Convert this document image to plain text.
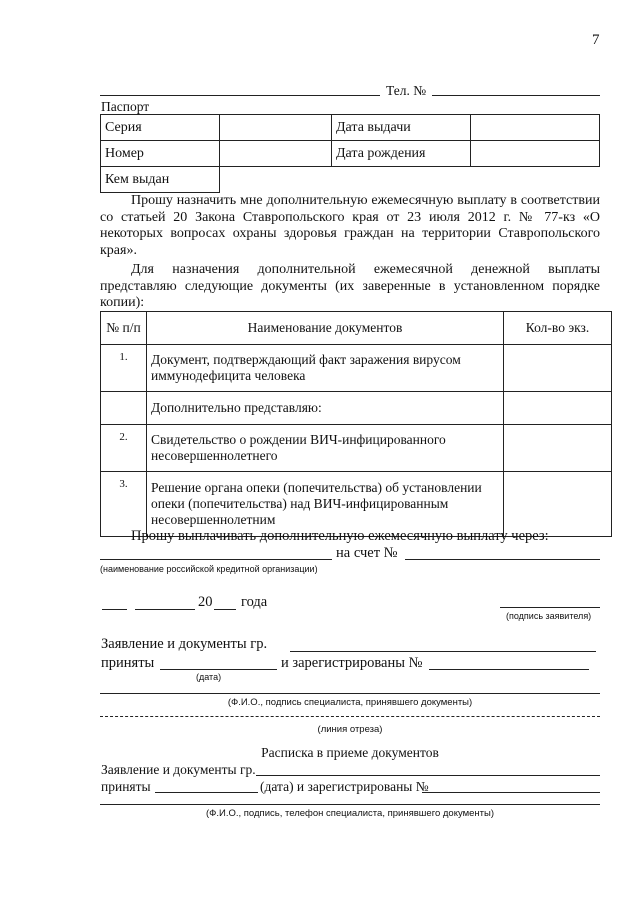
7
Тел. №
Паспорт
Серия		Дата выдачи	
Номер		Дата рождения	
Кем выдан			
Прошу назначить мне дополнительную ежемесячную выплату в соответствии со статьей 20 Закона Ставропольского края от 23 июля 2012 г. № 77-кз «О некоторых вопросах охраны здоровья граждан на территории Ставропольского края».
Для назначения дополнительной ежемесячной денежной выплаты представляю следующие документы (их заверенные в установленном порядке копии):
№ п/п	Наименование документов	Кол-во экз.
1.	Документ, подтверждающий факт заражения вирусом иммунодефицита человека	
	Дополнительно представляю:	
2.	Свидетельство о рождении ВИЧ-инфицированного несовершеннолетнего	
3.	Решение органа опеки (попечительства) об установлении опеки (попечительства) над ВИЧ-инфицированным несовершеннолетним	
Прошу выплачивать дополнительную ежемесячную выплату через:
на счет №
(наименование российской кредитной организации)
20 года
(подпись заявителя)
Заявление и документы гр.
приняты	и зарегистрированы №
(дата)
(Ф.И.О., подпись специалиста, принявшего документы)
(линия отреза)
Расписка в приеме документов
Заявление и документы гр.
приняты	(дата) и зарегистрированы №
(Ф.И.О., подпись, телефон специалиста, принявшего документы)
